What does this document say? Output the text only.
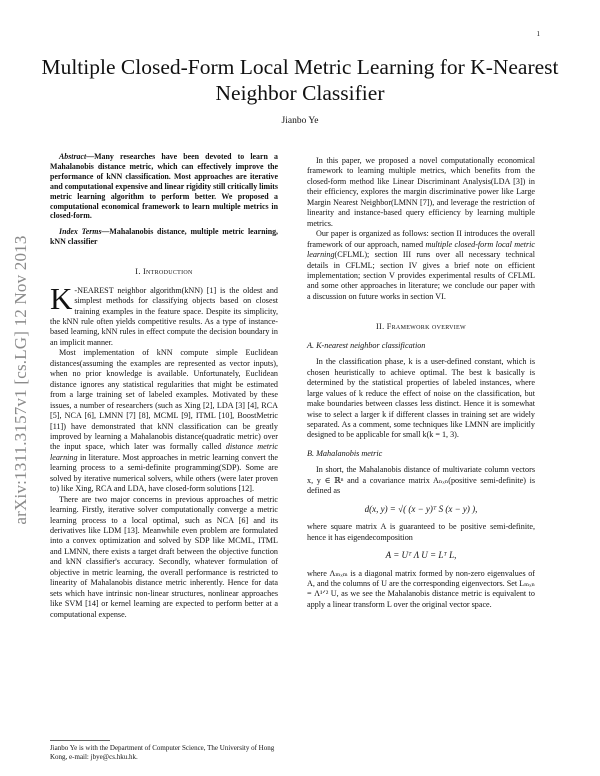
1
arXiv:1311.3157v1 [cs.LG] 12 Nov 2013
Multiple Closed-Form Local Metric Learning for K-Nearest Neighbor Classifier
Jianbo Ye

Abstract—Many researches have been devoted to learn a Mahalanobis distance metric, which can effectively improve the performance of kNN classification. Most approaches are iterative and computational expensive and linear rigidity still critically limits metric learning algorithm to perform better. We proposed a computational economical framework to learn multiple metrics in closed-form.

Index Terms—Mahalanobis distance, multiple metric learning, kNN classifier

I. Introduction

K -NEAREST neighbor algorithm(kNN) [1] is the oldest and simplest methods for classifying objects based on closest training examples in the feature space. Despite its simplicity, the kNN rule often yields competitive results. As a type of instance-based learning, kNN rules in effect compute the decision boundary in an implicit manner.

Most implementation of kNN compute simple Euclidean distances(assuming the examples are represented as vector inputs), when no prior knowledge is available. Unfortunately, Euclidean distance ignores any statistical regularities that might be estimated from a large training set of labeled examples. Motivated by these issues, a number of researchers (such as Xing [2], LDA [3] [4], RCA [5], NCA [6], LMNN [7] [8], MCML [9], ITML [10], BoostMetric [11]) have demonstrated that kNN classification can be greatly improved by learning a Mahalanobis distance(quadratic metric) over the input space, which later was formally called distance metric learning in literature. Most approaches in metric learning convert the learning process to a semi-definite programming(SDP). Some are solved by iterative numerical solvers, while others (were later proven to) like Xing, RCA and LDA, have closed-form solutions [12].

There are two major concerns in previous approaches of metric learning. Firstly, iterative solver computationally converge a metric learning process to a local optimal, such as NCA [6] and its derivatives like LDM [13]. Meanwhile even problem are formulated into a convex optimization and solved by SDP like MCML, ITML and LMNN, there exists a target draft between the objective function and kNN classifier's accuracy. Secondly, whatever formulation of objective in metric learning, the overall performance is restricted to linearity of Mahalanobis distance metric inherently. Hence for data sets which have intrinsic non-linear structures, nonlinear approaches like SVM [14] or kernel learning are expected to perform better at a computational expense.

Jianbo Ye is with the Department of Computer Science, The University of Hong Kong, e-mail: jbye@cs.hku.hk.

In this paper, we proposed a novel computationally economical framework to learning multiple metrics, which benefits from the closed-form method like Linear Discriminant Analysis(LDA [3]) in their efficiency, explores the margin discriminative power like Large Margin Nearest Neighbor(LMNN [7]), and leverage the restriction of linearity and instance-based query efficiency by learning multiple metrics.

Our paper is organized as follows: section II introduces the overall framework of our approach, named multiple closed-form local metric learning(CFLML); section III runs over all necessary technical details in CFLML; section IV gives a brief note on efficient implementation; section V provides experimental results of CFLML and some other approaches in literature; we conclude our paper with a discussion on future works in section VI.

II. Framework overview
A. K-nearest neighbor classification

In the classification phase, k is a user-defined constant, which is chosen heuristically to achieve optimal. The best k basically is determined by the statistical properties of labeled instances, where large values of k reduce the effect of noise on the classification, but make boundaries between classes less distinct. Hence it is somewhat wise to select a larger k if different classes in training set are widely separated. As a comment, some techniques like LMNN are implicitly designed to be applicable for small k(k = 1, 3).

B. Mahalanobis metric

In short, the Mahalanobis distance of multivariate column vectors x, y ∈ ℝⁿ and a covariance matrix Aₙₓₙ(positive semi-definite) is defined as

d(x, y) = √( (x − y)ᵀ S (x − y) ),

where square matrix A is guaranteed to be positive semi-definite, hence it has eigendecomposition

A = Uᵀ Λ U = Lᵀ L,

where Λₘₓₘ is a diagonal matrix formed by non-zero eigenvalues of A, and the columns of U are the corresponding eigenvectors. Set Lₘₓₙ = Λ¹ᐟ² U, as we see the Mahalanobis distance metric is equivalent to apply a linear transform L over the original vector space.
